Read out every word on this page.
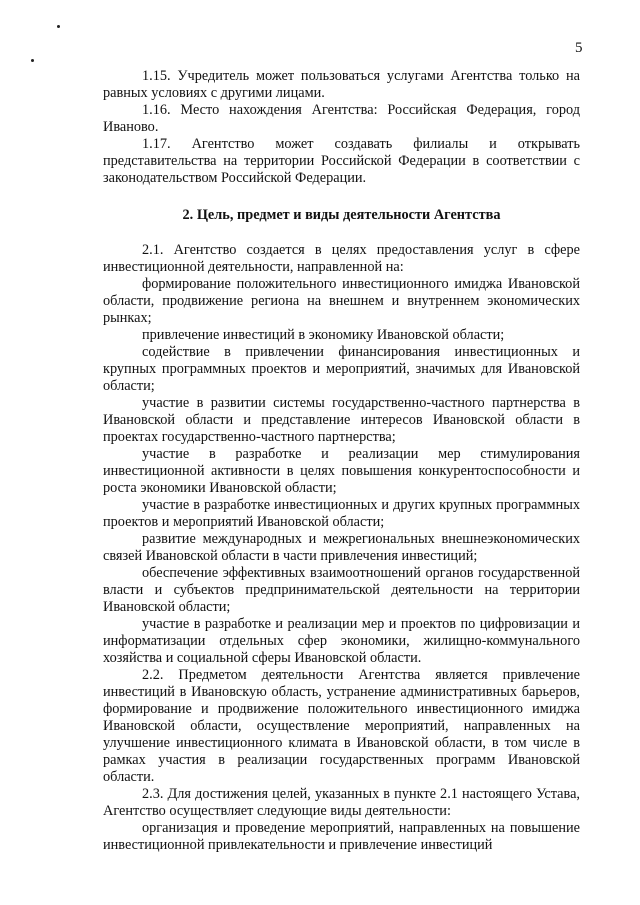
5

1.15. Учредитель может пользоваться услугами Агентства только на равных условиях с другими лицами.

1.16. Место нахождения Агентства: Российская Федерация, город Иваново.

1.17. Агентство может создавать филиалы и открывать представительства на территории Российской Федерации в соответствии с законодательством Российской Федерации.

2. Цель, предмет и виды деятельности Агентства

2.1. Агентство создается в целях предоставления услуг в сфере инвестиционной деятельности, направленной на:

формирование положительного инвестиционного имиджа Ивановской области, продвижение региона на внешнем и внутреннем экономических рынках;

привлечение инвестиций в экономику Ивановской области;

содействие в привлечении финансирования инвестиционных и крупных программных проектов и мероприятий, значимых для Ивановской области;

участие в развитии системы государственно-частного партнерства в Ивановской области и представление интересов Ивановской области в проектах государственно-частного партнерства;

участие в разработке и реализации мер стимулирования инвестиционной активности в целях повышения конкурентоспособности и роста экономики Ивановской области;

участие в разработке инвестиционных и других крупных программных проектов и мероприятий Ивановской области;

развитие международных и межрегиональных внешнеэкономических связей Ивановской области в части привлечения инвестиций;

обеспечение эффективных взаимоотношений органов государственной власти и субъектов предпринимательской деятельности на территории Ивановской области;

участие в разработке и реализации мер и проектов по цифровизации и информатизации отдельных сфер экономики, жилищно-коммунального хозяйства и социальной сферы Ивановской области.

2.2. Предметом деятельности Агентства является привлечение инвестиций в Ивановскую область, устранение административных барьеров, формирование и продвижение положительного инвестиционного имиджа Ивановской области, осуществление мероприятий, направленных на улучшение инвестиционного климата в Ивановской области, в том числе в рамках участия в реализации государственных программ Ивановской области.

2.3. Для достижения целей, указанных в пункте 2.1 настоящего Устава, Агентство осуществляет следующие виды деятельности:

организация и проведение мероприятий, направленных на повышение инвестиционной привлекательности и привлечение инвестиций
